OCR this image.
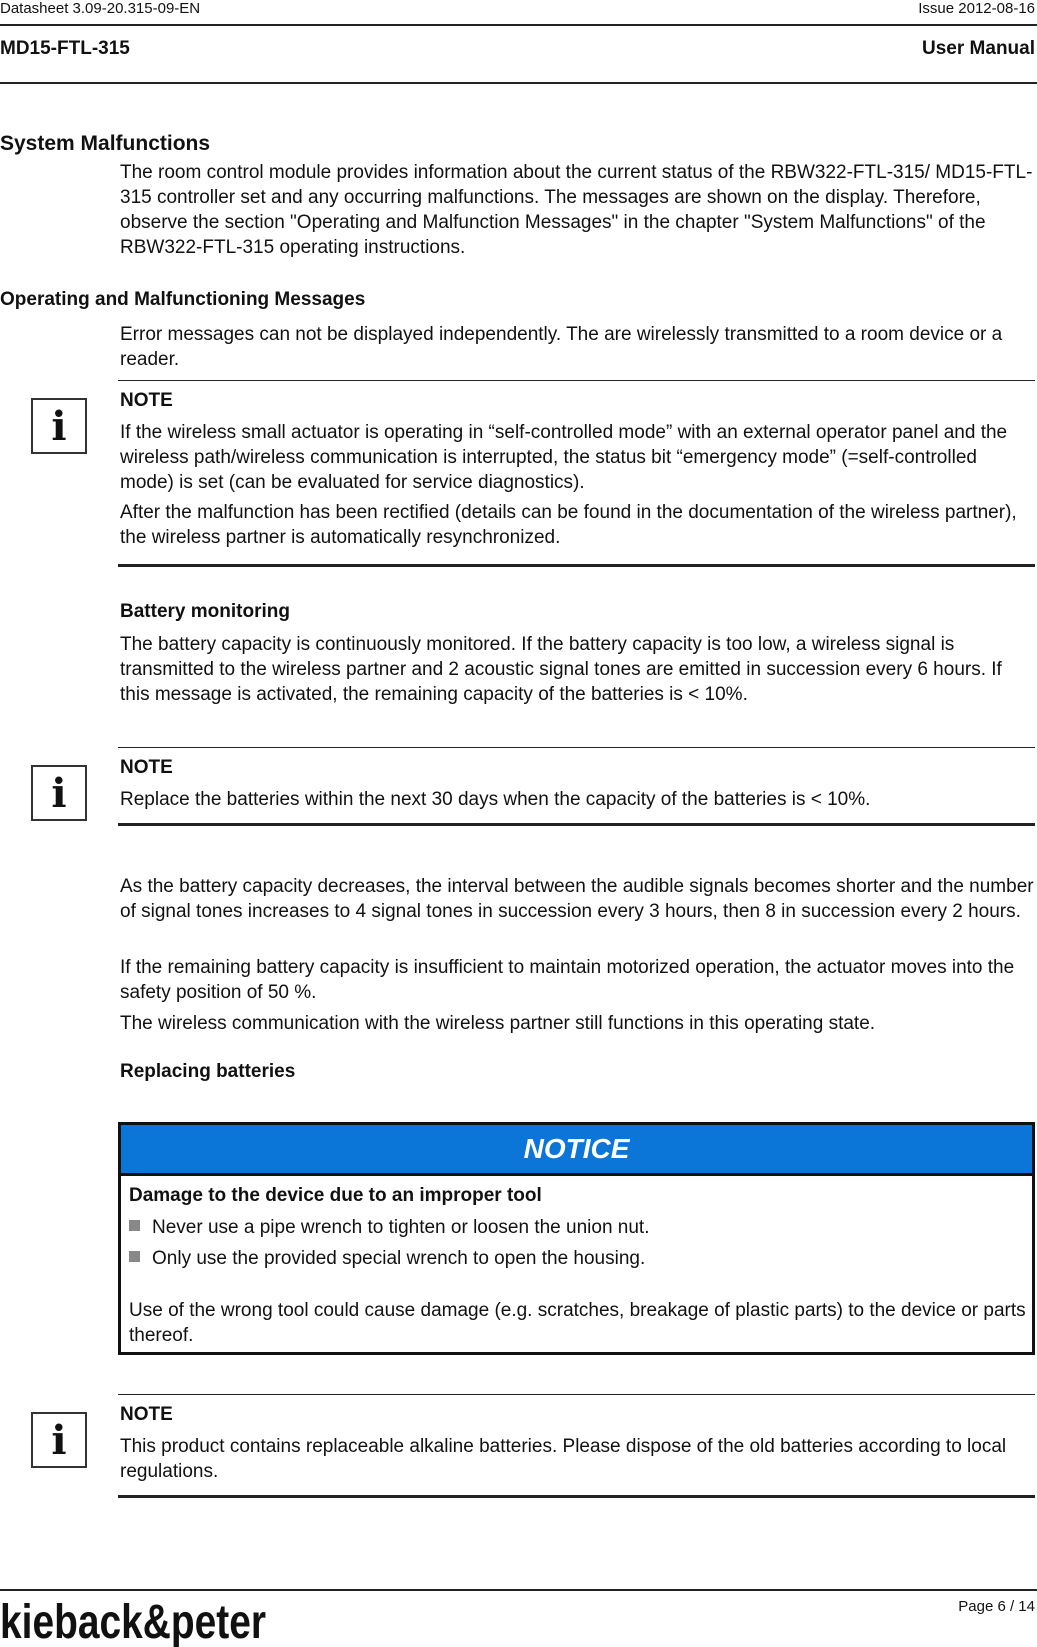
Datasheet 3.09-20.315-09-EN	Issue 2012-08-16
MD15-FTL-315	User Manual
System Malfunctions

The room control module provides information about the current status of the RBW322-FTL-315/ MD15-FTL-315 controller set and any occurring malfunctions. The messages are shown on the display. Therefore, observe the section "Operating and Malfunction Messages" in the chapter "System Malfunctions" of the RBW322-FTL-315 operating instructions.

Operating and Malfunctioning Messages

Error messages can not be displayed independently. The are wirelessly transmitted to a room device or a reader.

i
NOTE

If the wireless small actuator is operating in “self-controlled mode” with an external operator panel and the wireless path/wireless communication is interrupted, the status bit “emergency mode” (=self-controlled mode) is set (can be evaluated for service diagnostics).

After the malfunction has been rectified (details can be found in the documentation of the wireless partner), the wireless partner is automatically resynchronized.

Battery monitoring

The battery capacity is continuously monitored. If the battery capacity is too low, a wireless signal is transmitted to the wireless partner and 2 acoustic signal tones are emitted in succession every 6 hours. If this message is activated, the remaining capacity of the batteries is < 10%.

i
NOTE

Replace the batteries within the next 30 days when the capacity of the batteries is < 10%.

As the battery capacity decreases, the interval between the audible signals becomes shorter and the number of signal tones increases to 4 signal tones in succession every 3 hours, then 8 in succession every 2 hours.

If the remaining battery capacity is insufficient to maintain motorized operation, the actuator moves into the safety position of 50 %.

The wireless communication with the wireless partner still functions in this operating state.

Replacing batteries
NOTICE
Damage to the device due to an improper tool
Never use a pipe wrench to tighten or loosen the union nut.
Only use the provided special wrench to open the housing.

Use of the wrong tool could cause damage (e.g. scratches, breakage of plastic parts) to the device or parts thereof.

i
NOTE

This product contains replaceable alkaline batteries. Please dispose of the old batteries according to local regulations.

kieback&peter	Page 6 / 14
